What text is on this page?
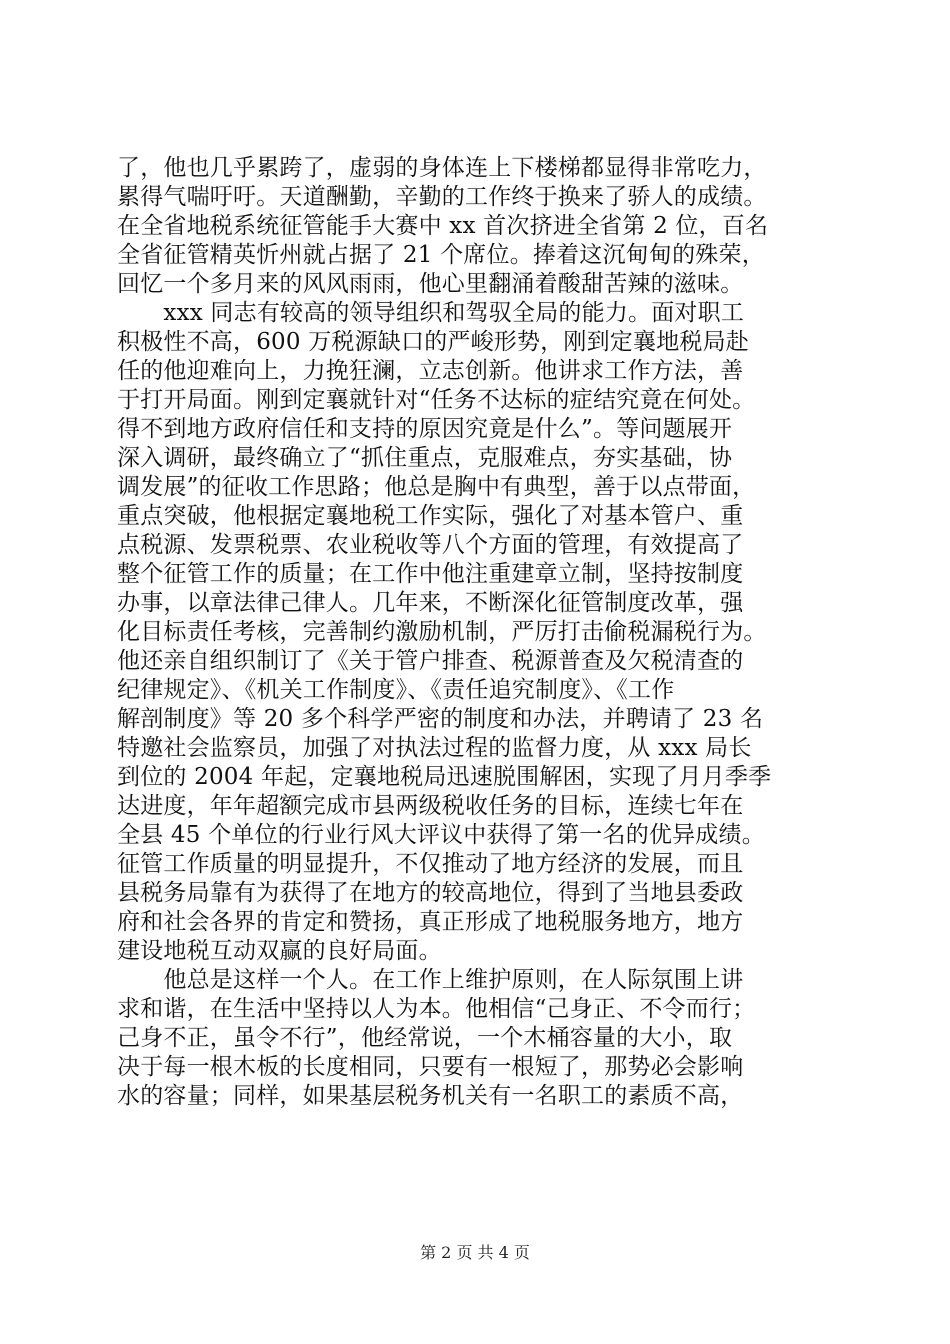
了，他也几乎累跨了，虚弱的身体连上下楼梯都显得非常吃力，
累得气喘吁吁。天道酬勤，辛勤的工作终于换来了骄人的成绩。
在全省地税系统征管能手大赛中 xx 首次挤进全省第 2 位，百名
全省征管精英忻州就占据了 21 个席位。捧着这沉甸甸的殊荣，
回忆一个多月来的风风雨雨，他心里翻涌着酸甜苦辣的滋味。
　　xxx 同志有较高的领导组织和驾驭全局的能力。面对职工
积极性不高，600 万税源缺口的严峻形势，刚到定襄地税局赴
任的他迎难向上，力挽狂澜，立志创新。他讲求工作方法，善
于打开局面。刚到定襄就针对“任务不达标的症结究竟在何处。
得不到地方政府信任和支持的原因究竟是什么”。等问题展开
深入调研，最终确立了“抓住重点，克服难点，夯实基础，协
调发展”的征收工作思路；他总是胸中有典型，善于以点带面，
重点突破，他根据定襄地税工作实际，强化了对基本管户、重
点税源、发票税票、农业税收等八个方面的管理，有效提高了
整个征管工作的质量；在工作中他注重建章立制，坚持按制度
办事，以章法律己律人。几年来，不断深化征管制度改革，强
化目标责任考核，完善制约激励机制，严厉打击偷税漏税行为。
他还亲自组织制订了《关于管户排查、税源普查及欠税清查的
纪律规定》、《机关工作制度》、《责任追究制度》、《工作
解剖制度》等 20 多个科学严密的制度和办法，并聘请了 23 名
特邀社会监察员，加强了对执法过程的监督力度，从 xxx 局长
到位的 2004 年起，定襄地税局迅速脱围解困，实现了月月季季
达进度，年年超额完成市县两级税收任务的目标，连续七年在
全县 45 个单位的行业行风大评议中获得了第一名的优异成绩。
征管工作质量的明显提升，不仅推动了地方经济的发展，而且
县税务局靠有为获得了在地方的较高地位，得到了当地县委政
府和社会各界的肯定和赞扬，真正形成了地税服务地方，地方
建设地税互动双赢的良好局面。
　　他总是这样一个人。在工作上维护原则，在人际氛围上讲
求和谐，在生活中坚持以人为本。他相信“己身正、不令而行；
己身不正，虽令不行”，他经常说，一个木桶容量的大小，取
决于每一根木板的长度相同，只要有一根短了，那势必会影响
水的容量；同样，如果基层税务机关有一名职工的素质不高，
第 2 页 共 4 页
